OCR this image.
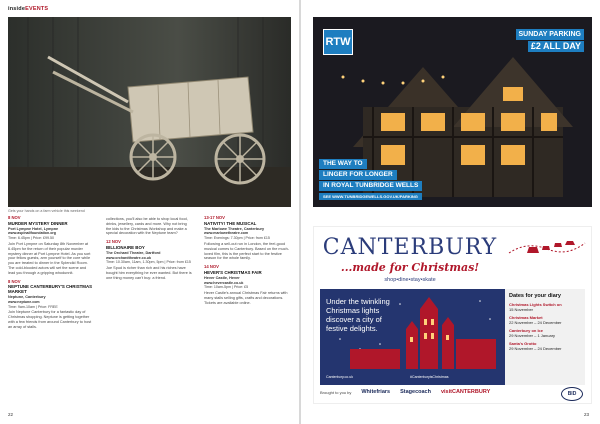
insideEVENTS
Gets your hands on a farm vehicle this weekend
8 NOV
MURDER MYSTERY DINNER
Port Lympne Hotel, Lympne
www.aspinallfoundation.org
Time: 6.45pm | Price: £99.50
Join Port Lympne on Saturday 8th November at 6.45pm for the return of their popular murder mystery dinner at Port Lympne Hotel. As you sort your fellow guests, arm yourself to the core while you are treated to dinner in the Splendid Room. The cold-blooded actors will set the scene and lead you through a gripping whodunnit.
8 NOV
NEPTUNE CANTERBURY'S CHRISTMAS MARKET
Neptune, Canterbury
www.neptune.com
Time: 9am-10am | Price: FREE
Join Neptune Canterbury for a fantastic day of Christmas shopping. Neptune is getting together with a few friends from around Canterbury to host an array of stalls.
collections, you'll also be able to shop local food, drinks, jewellery, cards and more. Why not bring the kids to the Christmas Workshop and make a special decoration with the Neptune team?
12 NOV
BILLIONAIRE BOY
The Orchard Theatre, Dartford
www.orchardtheatre.co.uk
Time: 10.30am, 11am, 1.30pm, 5pm | Price: from £15
Joe Spud is richer than rich and his riches have bought him everything he ever wanted. But there is one thing money can't buy: a friend.
13-17 NOV
NATIVITY! THE MUSICAL
The Marlowe Theatre, Canterbury
www.marlowetheatre.com
Time: Evenings: 7.30pm | Price: from £15
Following a sell-out run in London, the feel-good musical comes to Canterbury. Based on the much-loved film, this is the perfect start to the festive season for the whole family.
14 NOV
HEVER'S CHRISTMAS FAIR
Hever Castle, Hever
www.hevercastle.co.uk
Time: 10am-5pm | Price: £5
Hever Castle's annual Christmas Fair returns with many stalls selling gifts, crafts and decorations. Tickets are available online.
22
RTW
SUNDAY PARKING
£2 ALL DAY
THE WAY TO
LINGER FOR LONGER
IN ROYAL TUNBRIDGE WELLS
SEE WWW.TUNBRIDGEWELLS.GOV.UK/PARKING
CANTERBURY
...made for Christmas!
shop•dine•stay•skate
Under the twinkling Christmas lights discover a city of festive delights.
Canterbury.co.uk	#CanterburyisChristmas
Dates for your diary
Christmas Lights Switch on
15 November
Christmas Market
22 November – 24 December
Canterbury on Ice
29 November – 1 January
Santa's Grotto
29 November – 24 December
Brought to you by Whitefriars Stagecoach visitCANTERBURY	BID
23
